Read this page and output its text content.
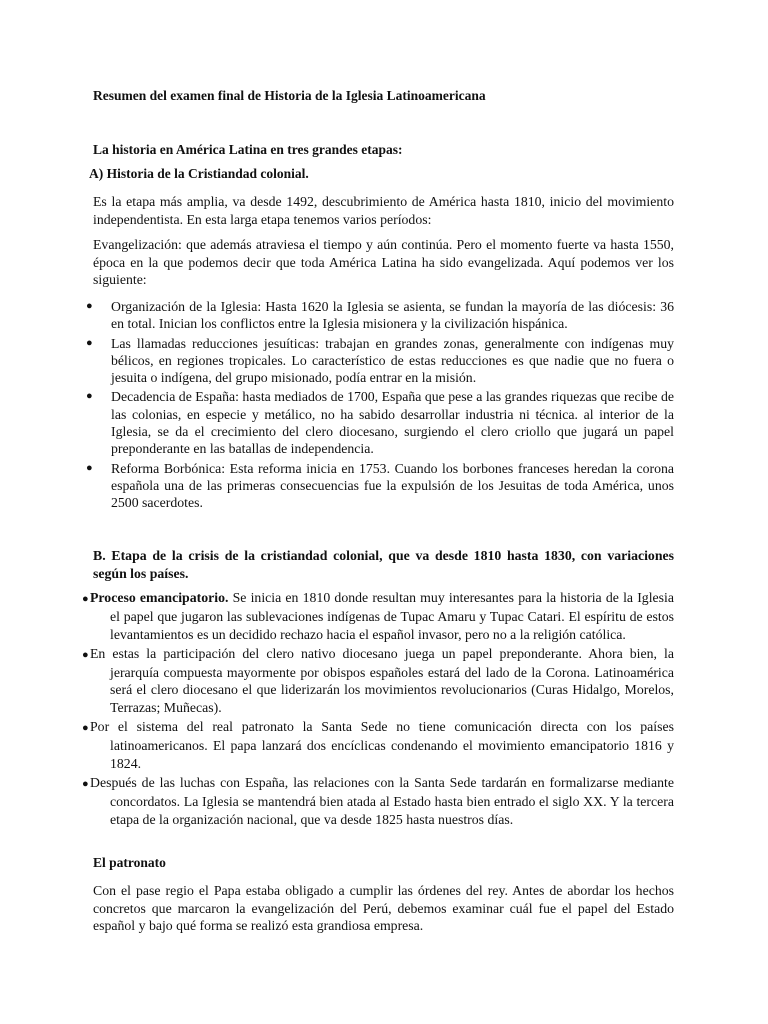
Resumen del examen final de Historia de la Iglesia Latinoamericana

La historia en América Latina en tres grandes etapas:

A) Historia de la Cristiandad colonial.

Es la etapa más amplia, va desde 1492, descubrimiento de América hasta 1810, inicio del movimiento independentista. En esta larga etapa tenemos varios períodos:

Evangelización: que además atraviesa el tiempo y aún continúa. Pero el momento fuerte va hasta 1550, época en la que podemos decir que toda América Latina ha sido evangelizada. Aquí podemos ver los siguiente:

● Organización de la Iglesia: Hasta 1620 la Iglesia se asienta, se fundan la mayoría de las diócesis: 36 en total. Inician los conflictos entre la Iglesia misionera y la civilización hispánica.
● Las llamadas reducciones jesuíticas: trabajan en grandes zonas, generalmente con indígenas muy bélicos, en regiones tropicales. Lo característico de estas reducciones es que nadie que no fuera o jesuita o indígena, del grupo misionado, podía entrar en la misión.
● Decadencia de España: hasta mediados de 1700, España que pese a las grandes riquezas que recibe de las colonias, en especie y metálico, no ha sabido desarrollar industria ni técnica. al interior de la Iglesia, se da el crecimiento del clero diocesano, surgiendo el clero criollo que jugará un papel preponderante en las batallas de independencia.
● Reforma Borbónica: Esta reforma inicia en 1753. Cuando los borbones franceses heredan la corona española una de las primeras consecuencias fue la expulsión de los Jesuitas de toda América, unos 2500 sacerdotes.

B. Etapa de la crisis de la cristiandad colonial, que va desde 1810 hasta 1830, con variaciones según los países.

●Proceso emancipatorio. Se inicia en 1810 donde resultan muy interesantes para la historia de la Iglesia el papel que jugaron las sublevaciones indígenas de Tupac Amaru y Tupac Catari. El espíritu de estos levantamientos es un decidido rechazo hacia el español invasor, pero no a la religión católica.
●En estas la participación del clero nativo diocesano juega un papel preponderante. Ahora bien, la jerarquía compuesta mayormente por obispos españoles estará del lado de la Corona. Latinoamérica será el clero diocesano el que liderizarán los movimientos revolucionarios (Curas Hidalgo, Morelos, Terrazas; Muñecas).
●Por el sistema del real patronato la Santa Sede no tiene comunicación directa con los países latinoamericanos. El papa lanzará dos encíclicas condenando el movimiento emancipatorio 1816 y 1824.
●Después de las luchas con España, las relaciones con la Santa Sede tardarán en formalizarse mediante concordatos. La Iglesia se mantendrá bien atada al Estado hasta bien entrado el siglo XX. Y la tercera etapa de la organización nacional, que va desde 1825 hasta nuestros días.

El patronato

Con el pase regio el Papa estaba obligado a cumplir las órdenes del rey. Antes de abordar los hechos concretos que marcaron la evangelización del Perú, debemos examinar cuál fue el papel del Estado español y bajo qué forma se realizó esta grandiosa empresa.
